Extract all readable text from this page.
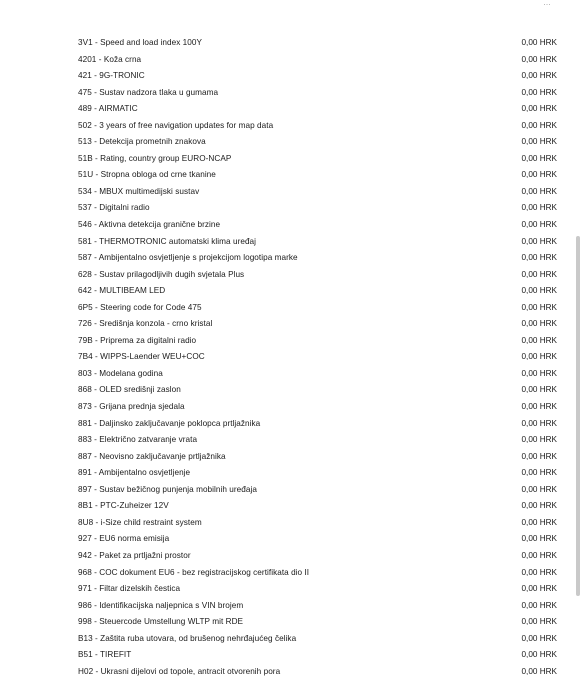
…
3V1 - Speed and load index 100Y	0,00 HRK
4201 - Koža crna	0,00 HRK
421 - 9G-TRONIC	0,00 HRK
475 - Sustav nadzora tlaka u gumama	0,00 HRK
489 - AIRMATIC	0,00 HRK
502 - 3 years of free navigation updates for map data	0,00 HRK
513 - Detekcija prometnih znakova	0,00 HRK
51B - Rating, country group EURO-NCAP	0,00 HRK
51U - Stropna obloga od crne tkanine	0,00 HRK
534 - MBUX multimedijski sustav	0,00 HRK
537 - Digitalni radio	0,00 HRK
546 - Aktivna detekcija granične brzine	0,00 HRK
581 - THERMOTRONIC automatski klima uređaj	0,00 HRK
587 - Ambijentalno osvjetljenje s projekcijom logotipa marke	0,00 HRK
628 - Sustav prilagodljivih dugih svjetala Plus	0,00 HRK
642 - MULTIBEAM LED	0,00 HRK
6P5 - Steering code for Code 475	0,00 HRK
726 - Središnja konzola - crno kristal	0,00 HRK
79B - Priprema za digitalni radio	0,00 HRK
7B4 - WIPPS-Laender WEU+COC	0,00 HRK
803 - Modelana godina	0,00 HRK
868 - OLED središnji zaslon	0,00 HRK
873 - Grijana prednja sjedala	0,00 HRK
881 - Daljinsko zaključavanje poklopca prtljažnika	0,00 HRK
883 - Električno zatvaranje vrata	0,00 HRK
887 - Neovisno zaključavanje prtljažnika	0,00 HRK
891 - Ambijentalno osvjetljenje	0,00 HRK
897 - Sustav bežičnog punjenja mobilnih uređaja	0,00 HRK
8B1 - PTC-Zuheizer 12V	0,00 HRK
8U8 - i-Size child restraint system	0,00 HRK
927 - EU6 norma emisija	0,00 HRK
942 - Paket za prtljažni prostor	0,00 HRK
968 - COC dokument EU6 - bez registracijskog certifikata dio II	0,00 HRK
971 - Filtar dizelskih čestica	0,00 HRK
986 - Identifikacijska naljepnica s VIN brojem	0,00 HRK
998 - Steuercode Umstellung WLTP mit RDE	0,00 HRK
B13 - Zaštita ruba utovara, od brušenog nehrđajućeg čelika	0,00 HRK
B51 - TIREFIT	0,00 HRK
H02 - Ukrasni dijelovi od topole, antracit otvorenih pora	0,00 HRK
